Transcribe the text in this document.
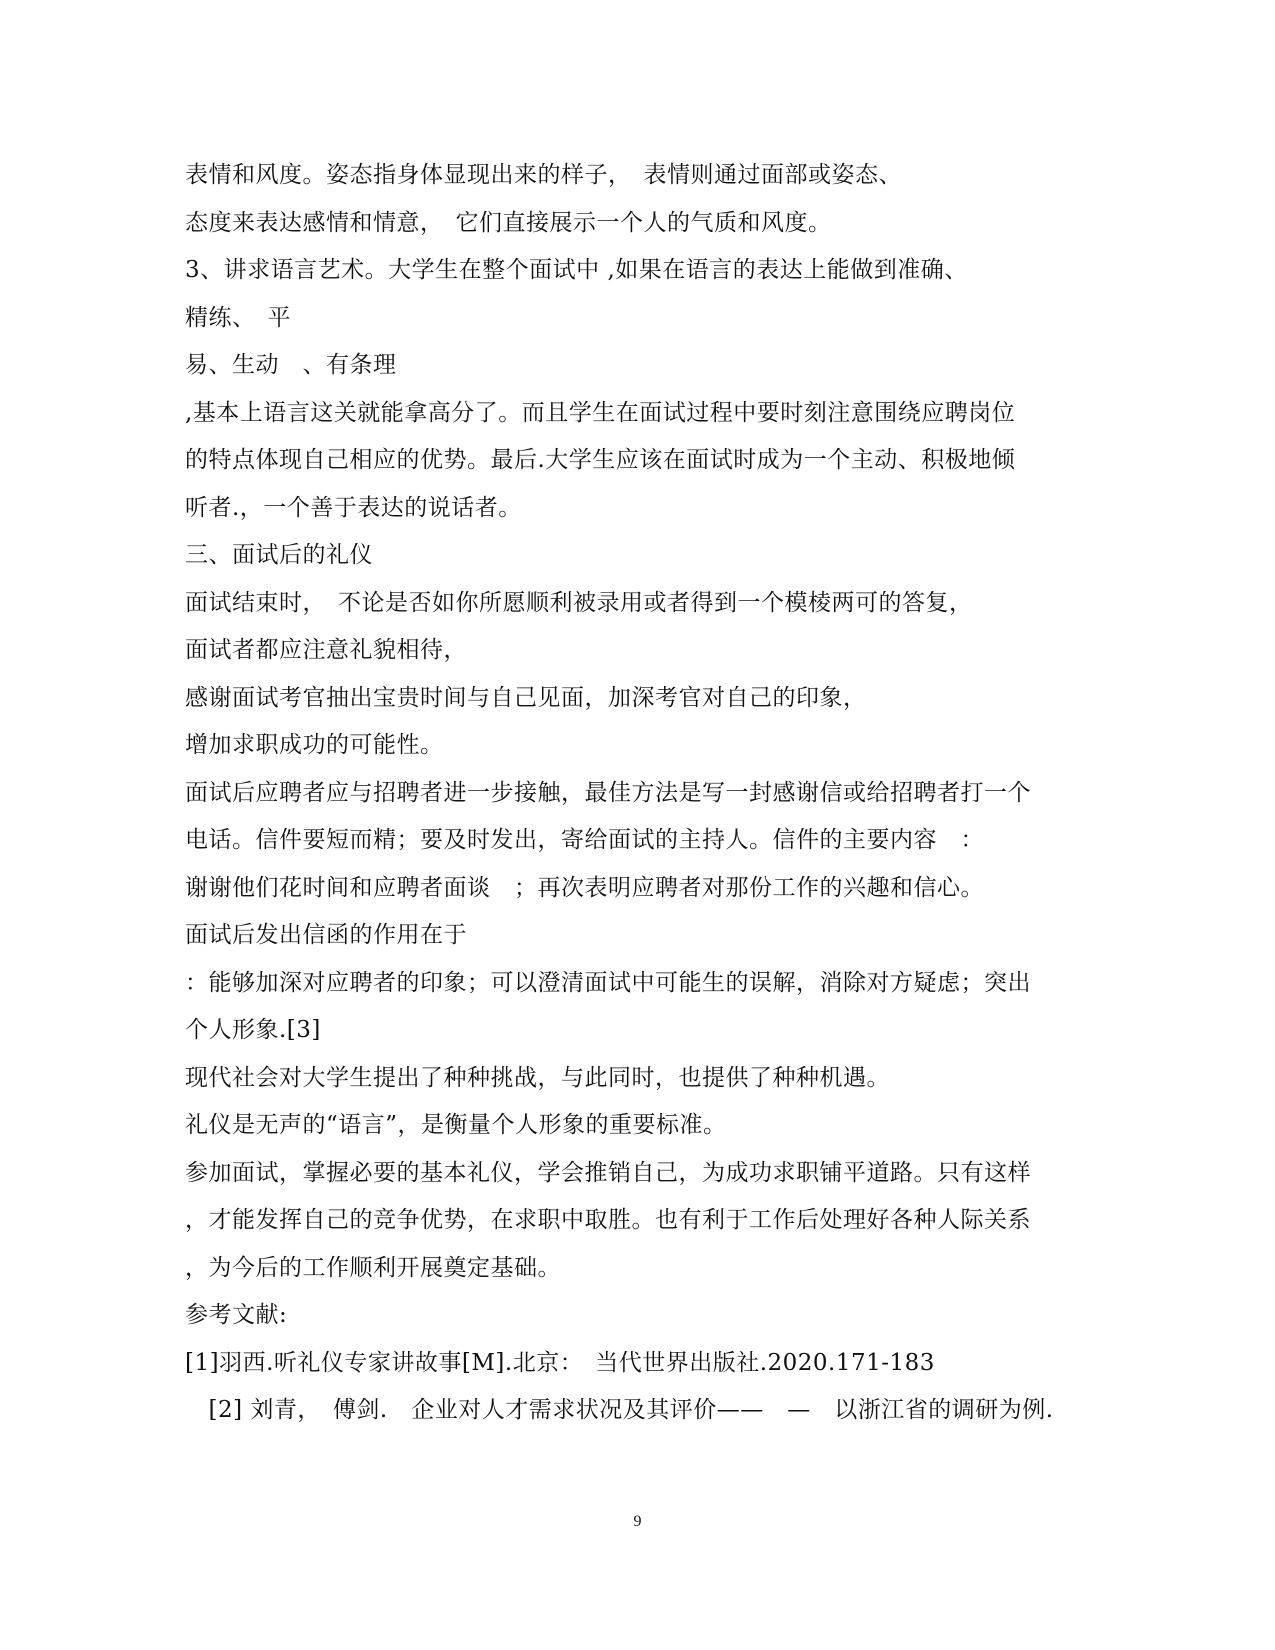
表情和风度。姿态指身体显现出来的样子，　表情则通过面部或姿态、
态度来表达感情和情意，　它们直接展示一个人的气质和风度。
3、讲求语言艺术。大学生在整个面试中 ,如果在语言的表达上能做到准确、
精练、　平
易、生动　、有条理
,基本上语言这关就能拿高分了。而且学生在面试过程中要时刻注意围绕应聘岗位
的特点体现自己相应的优势。最后.大学生应该在面试时成为一个主动、积极地倾
听者.，一个善于表达的说话者。
三、面试后的礼仪
面试结束时，　不论是否如你所愿顺利被录用或者得到一个模棱两可的答复，
面试者都应注意礼貌相待，
感谢面试考官抽出宝贵时间与自己见面，加深考官对自己的印象，
增加求职成功的可能性。
面试后应聘者应与招聘者进一步接触，最佳方法是写一封感谢信或给招聘者打一个
电话。信件要短而精；要及时发出，寄给面试的主持人。信件的主要内容　：
谢谢他们花时间和应聘者面谈　；再次表明应聘者对那份工作的兴趣和信心。
面试后发出信函的作用在于
：能够加深对应聘者的印象；可以澄清面试中可能生的误解，消除对方疑虑；突出
个人形象.[3]
现代社会对大学生提出了种种挑战，与此同时，也提供了种种机遇。
礼仪是无声的“语言”，是衡量个人形象的重要标准。
参加面试，掌握必要的基本礼仪，学会推销自己，为成功求职铺平道路。只有这样
，才能发挥自己的竞争优势，在求职中取胜。也有利于工作后处理好各种人际关系
，为今后的工作顺利开展奠定基础。
参考文献:
[1]羽西.听礼仪专家讲故事[M].北京：　当代世界出版社.2020.171-183
　[2] 刘青，　傅剑.　企业对人才需求状况及其评价——　—　以浙江省的调研为例.
9
